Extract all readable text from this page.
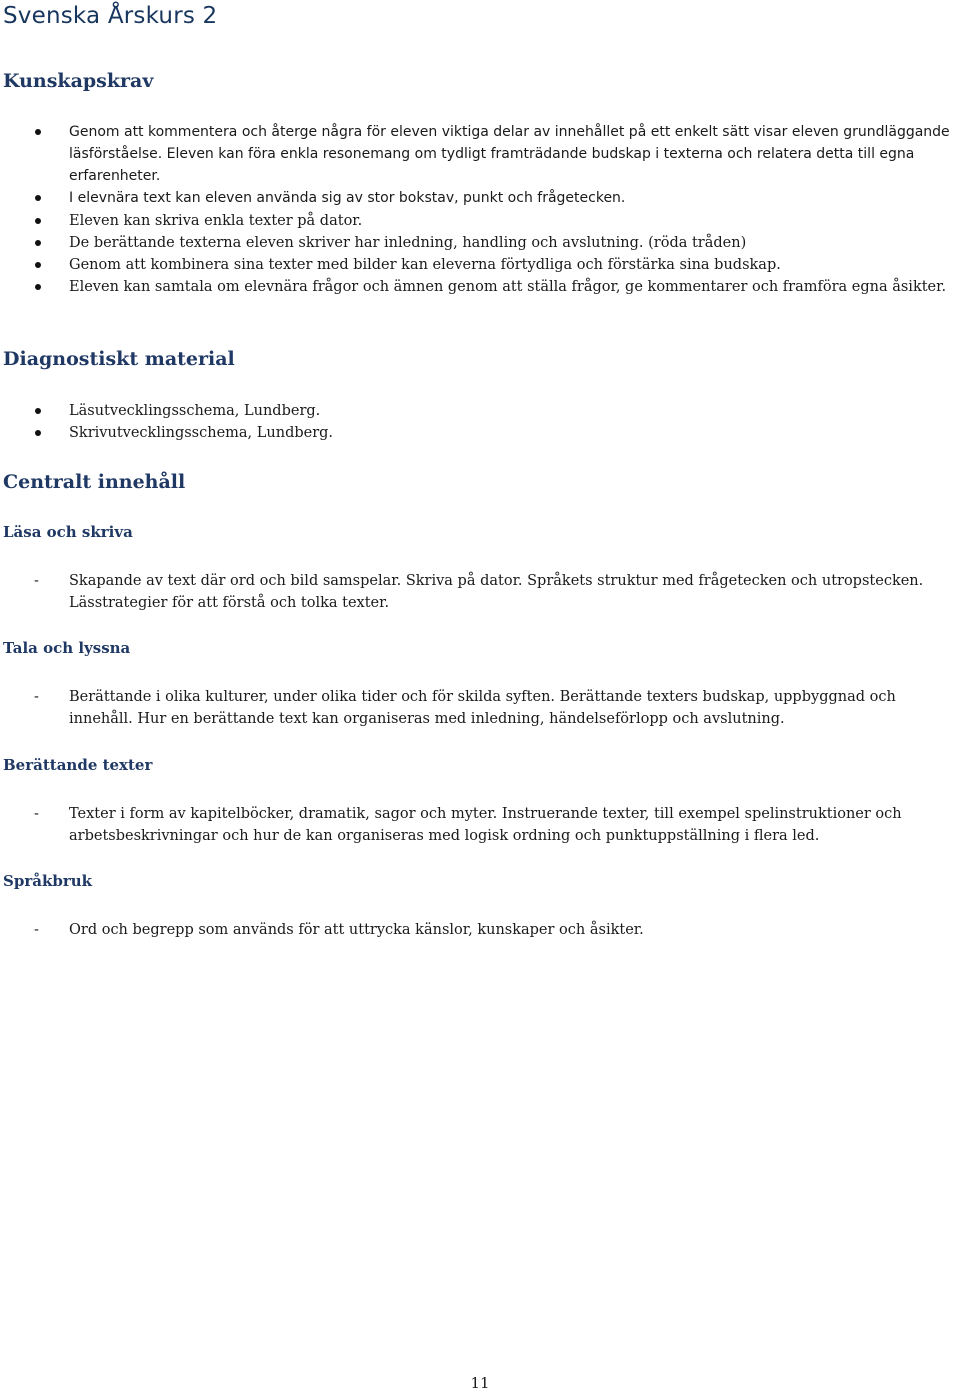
Svenska Årskurs 2
Kunskapskrav
Genom att kommentera och återge några för eleven viktiga delar av innehållet på ett enkelt sätt visar eleven grundläggande läsförståelse. Eleven kan föra enkla resonemang om tydligt framträdande budskap i texterna och relatera detta till egna erfarenheter.
I elevnära text kan eleven använda sig av stor bokstav, punkt och frågetecken.
Eleven kan skriva enkla texter på dator.
De berättande texterna eleven skriver har inledning, handling och avslutning. (röda tråden)
Genom att kombinera sina texter med bilder kan eleverna förtydliga och förstärka sina budskap.
Eleven kan samtala om elevnära frågor och ämnen genom att ställa frågor, ge kommentarer och framföra egna åsikter.
Diagnostiskt material
Läsutvecklingsschema, Lundberg.
Skrivutvecklingsschema, Lundberg.
Centralt innehåll
Läsa och skriva
- Skapande av text där ord och bild samspelar. Skriva på dator. Språkets struktur med frågetecken och utropstecken. Lässtrategier för att förstå och tolka texter.
Tala och lyssna
- Berättande i olika kulturer, under olika tider och för skilda syften. Berättande texters budskap, uppbyggnad och innehåll. Hur en berättande text kan organiseras med inledning, händelseförlopp och avslutning.
Berättande texter
- Texter i form av kapitelböcker, dramatik, sagor och myter. Instruerande texter, till exempel spelinstruktioner och arbetsbeskrivningar och hur de kan organiseras med logisk ordning och punktuppställning i flera led.
Språkbruk
- Ord och begrepp som används för att uttrycka känslor, kunskaper och åsikter.

11
